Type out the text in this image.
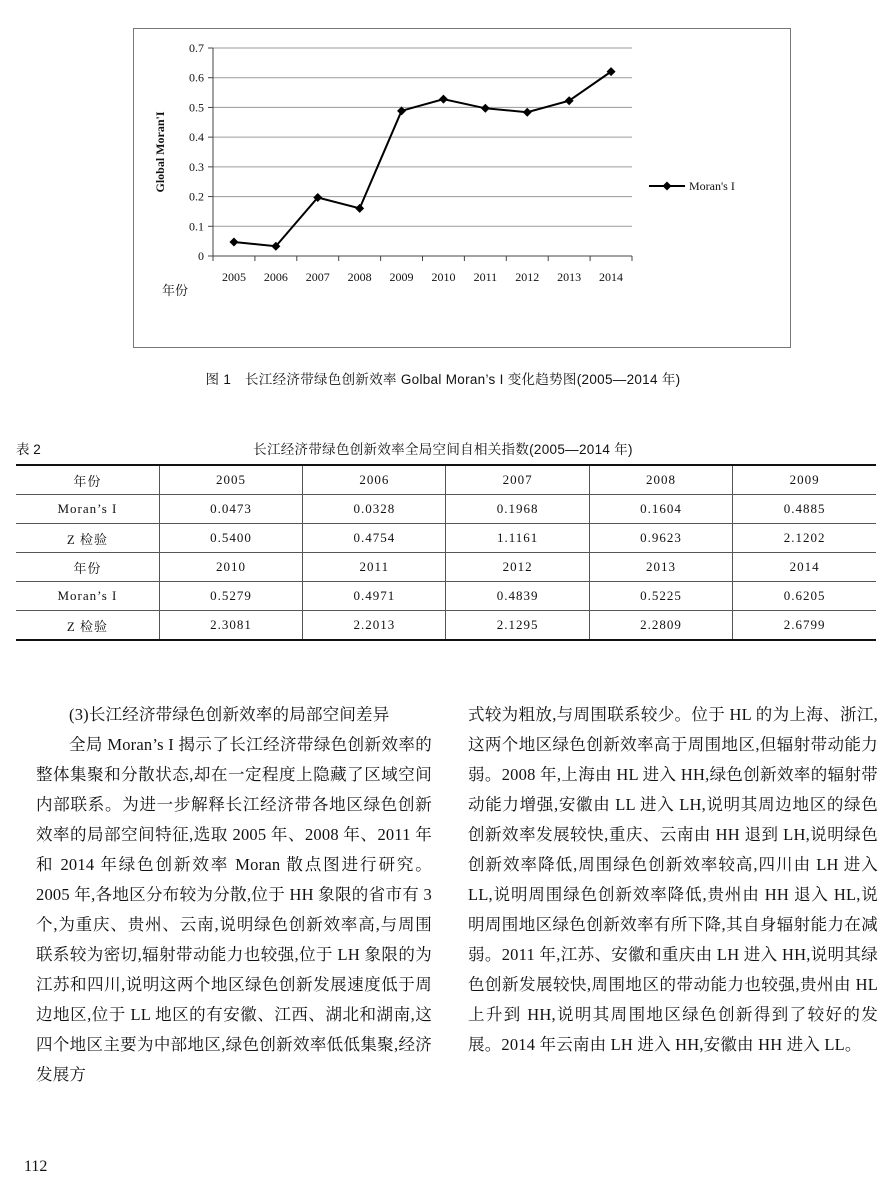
0
0.1
0.2
0.3
0.4
0.5
0.6
0.7
2005 2006 2007 2008 2009 2010 2011 2012 2013 2014
年份
Global Moran'I	Moran's I
图 1　长江经济带绿色创新效率 Golbal Moran’s I 变化趋势图(2005—2014 年)
表 2	长江经济带绿色创新效率全局空间自相关指数(2005—2014 年)
年份	2005	2006	2007	2008	2009
Moran’s I	0.0473	0.0328	0.1968	0.1604	0.4885
Z 检验	0.5400	0.4754	1.1161	0.9623	2.1202
年份	2010	2011	2012	2013	2014
Moran’s I	0.5279	0.4971	0.4839	0.5225	0.6205
Z 检验	2.3081	2.2013	2.1295	2.2809	2.6799

(3)长江经济带绿色创新效率的局部空间差异

全局 Moran’s I 揭示了长江经济带绿色创新效率的整体集聚和分散状态,却在一定程度上隐藏了区域空间内部联系。为进一步解释长江经济带各地区绿色创新效率的局部空间特征,选取 2005 年、2008 年、2011 年和 2014 年绿色创新效率 Moran 散点图进行研究。2005 年,各地区分布较为分散,位于 HH 象限的省市有 3 个,为重庆、贵州、云南,说明绿色创新效率高,与周围联系较为密切,辐射带动能力也较强,位于 LH 象限的为江苏和四川,说明这两个地区绿色创新发展速度低于周边地区,位于 LL 地区的有安徽、江西、湖北和湖南,这四个地区主要为中部地区,绿色创新效率低低集聚,经济发展方

式较为粗放,与周围联系较少。位于 HL 的为上海、浙江,这两个地区绿色创新效率高于周围地区,但辐射带动能力弱。2008 年,上海由 HL 进入 HH,绿色创新效率的辐射带动能力增强,安徽由 LL 进入 LH,说明其周边地区的绿色创新效率发展较快,重庆、云南由 HH 退到 LH,说明绿色创新效率降低,周围绿色创新效率较高,四川由 LH 进入 LL,说明周围绿色创新效率降低,贵州由 HH 退入 HL,说明周围地区绿色创新效率有所下降,其自身辐射能力在减弱。2011 年,江苏、安徽和重庆由 LH 进入 HH,说明其绿色创新发展较快,周围地区的带动能力也较强,贵州由 HL 上升到 HH,说明其周围地区绿色创新得到了较好的发展。2014 年云南由 LH 进入 HH,安徽由 HH 进入 LL。

112
